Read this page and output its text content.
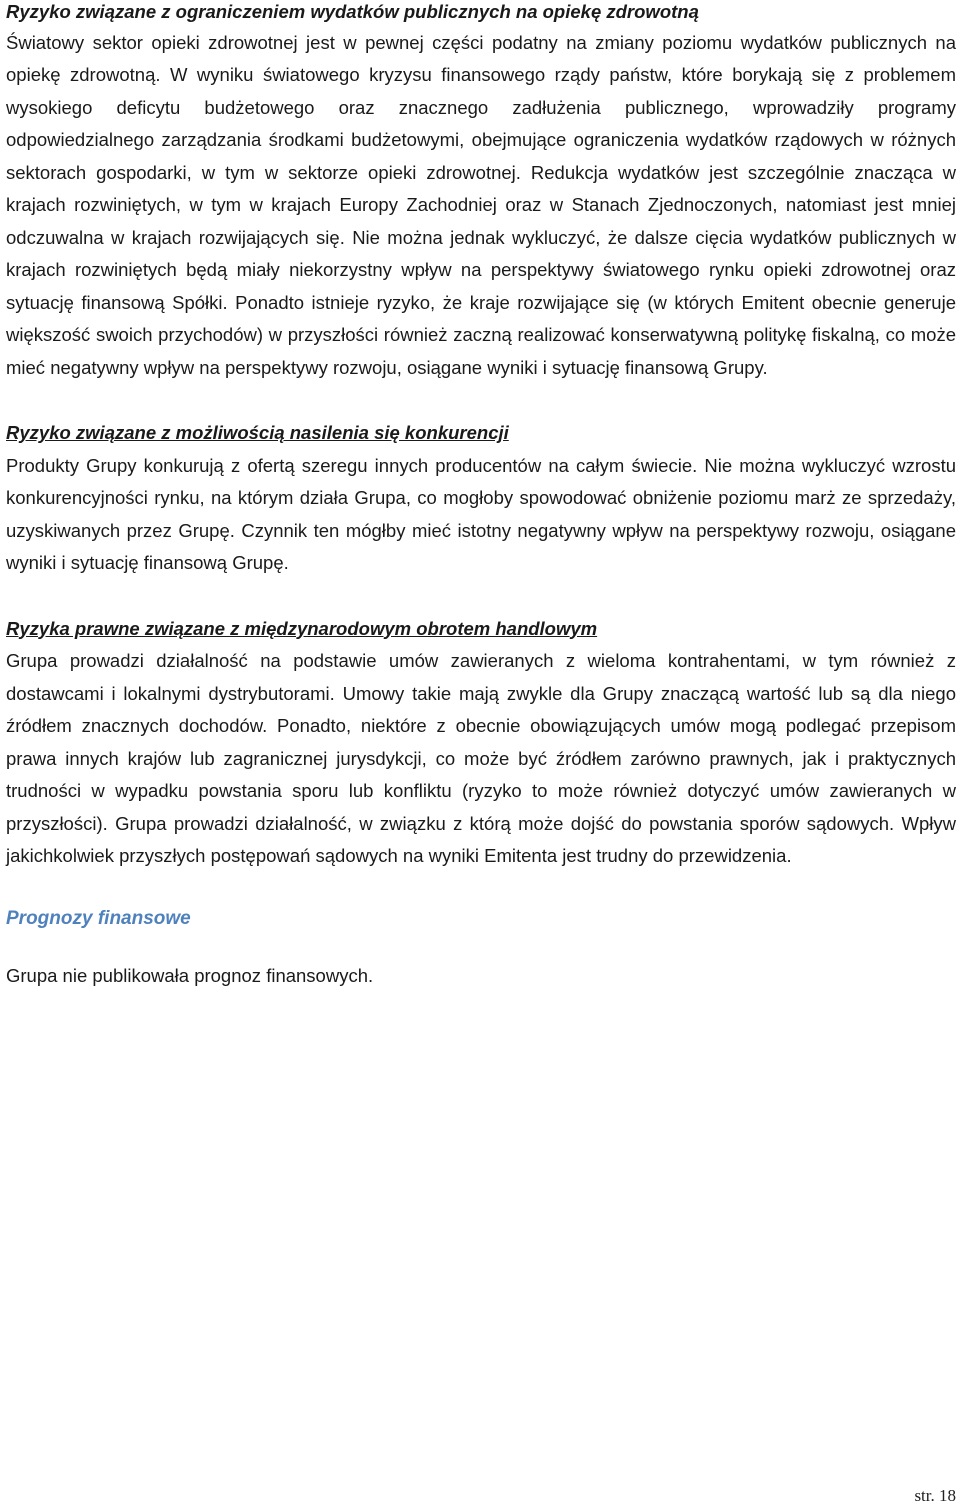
Ryzyko związane z ograniczeniem wydatków publicznych na opiekę zdrowotną

Światowy sektor opieki zdrowotnej jest w pewnej części podatny na zmiany poziomu wydatków publicznych na opiekę zdrowotną. W wyniku światowego kryzysu finansowego rządy państw, które borykają się z problemem wysokiego deficytu budżetowego oraz znacznego zadłużenia publicznego, wprowadziły programy odpowiedzialnego zarządzania środkami budżetowymi, obejmujące ograniczenia wydatków rządowych w różnych sektorach gospodarki, w tym w sektorze opieki zdrowotnej. Redukcja wydatków jest szczególnie znacząca w krajach rozwiniętych, w tym w krajach Europy Zachodniej oraz w Stanach Zjednoczonych, natomiast jest mniej odczuwalna w krajach rozwijających się. Nie można jednak wykluczyć, że dalsze cięcia wydatków publicznych w krajach rozwiniętych będą miały niekorzystny wpływ na perspektywy światowego rynku opieki zdrowotnej oraz sytuację finansową Spółki. Ponadto istnieje ryzyko, że kraje rozwijające się (w których Emitent obecnie generuje większość swoich przychodów) w przyszłości również zaczną realizować konserwatywną politykę fiskalną, co może mieć negatywny wpływ na perspektywy rozwoju, osiągane wyniki i sytuację finansową Grupy.

Ryzyko związane z możliwością nasilenia się konkurencji

Produkty Grupy konkurują z ofertą szeregu innych producentów na całym świecie. Nie można wykluczyć wzrostu konkurencyjności rynku, na którym działa Grupa, co mogłoby spowodować obniżenie poziomu marż ze sprzedaży, uzyskiwanych przez Grupę. Czynnik ten mógłby mieć istotny negatywny wpływ na perspektywy rozwoju, osiągane wyniki i sytuację finansową Grupę.

Ryzyka prawne związane z międzynarodowym obrotem handlowym

Grupa prowadzi działalność na podstawie umów zawieranych z wieloma kontrahentami, w tym również z dostawcami i lokalnymi dystrybutorami. Umowy takie mają zwykle dla Grupy znaczącą wartość lub są dla niego źródłem znacznych dochodów. Ponadto, niektóre z obecnie obowiązujących umów mogą podlegać przepisom prawa innych krajów lub zagranicznej jurysdykcji, co może być źródłem zarówno prawnych, jak i praktycznych trudności w wypadku powstania sporu lub konfliktu (ryzyko to może również dotyczyć umów zawieranych w przyszłości). Grupa prowadzi działalność, w związku z którą może dojść do powstania sporów sądowych. Wpływ jakichkolwiek przyszłych postępowań sądowych na wyniki Emitenta jest trudny do przewidzenia.

Prognozy finansowe

Grupa nie publikowała prognoz finansowych.

str. 18
